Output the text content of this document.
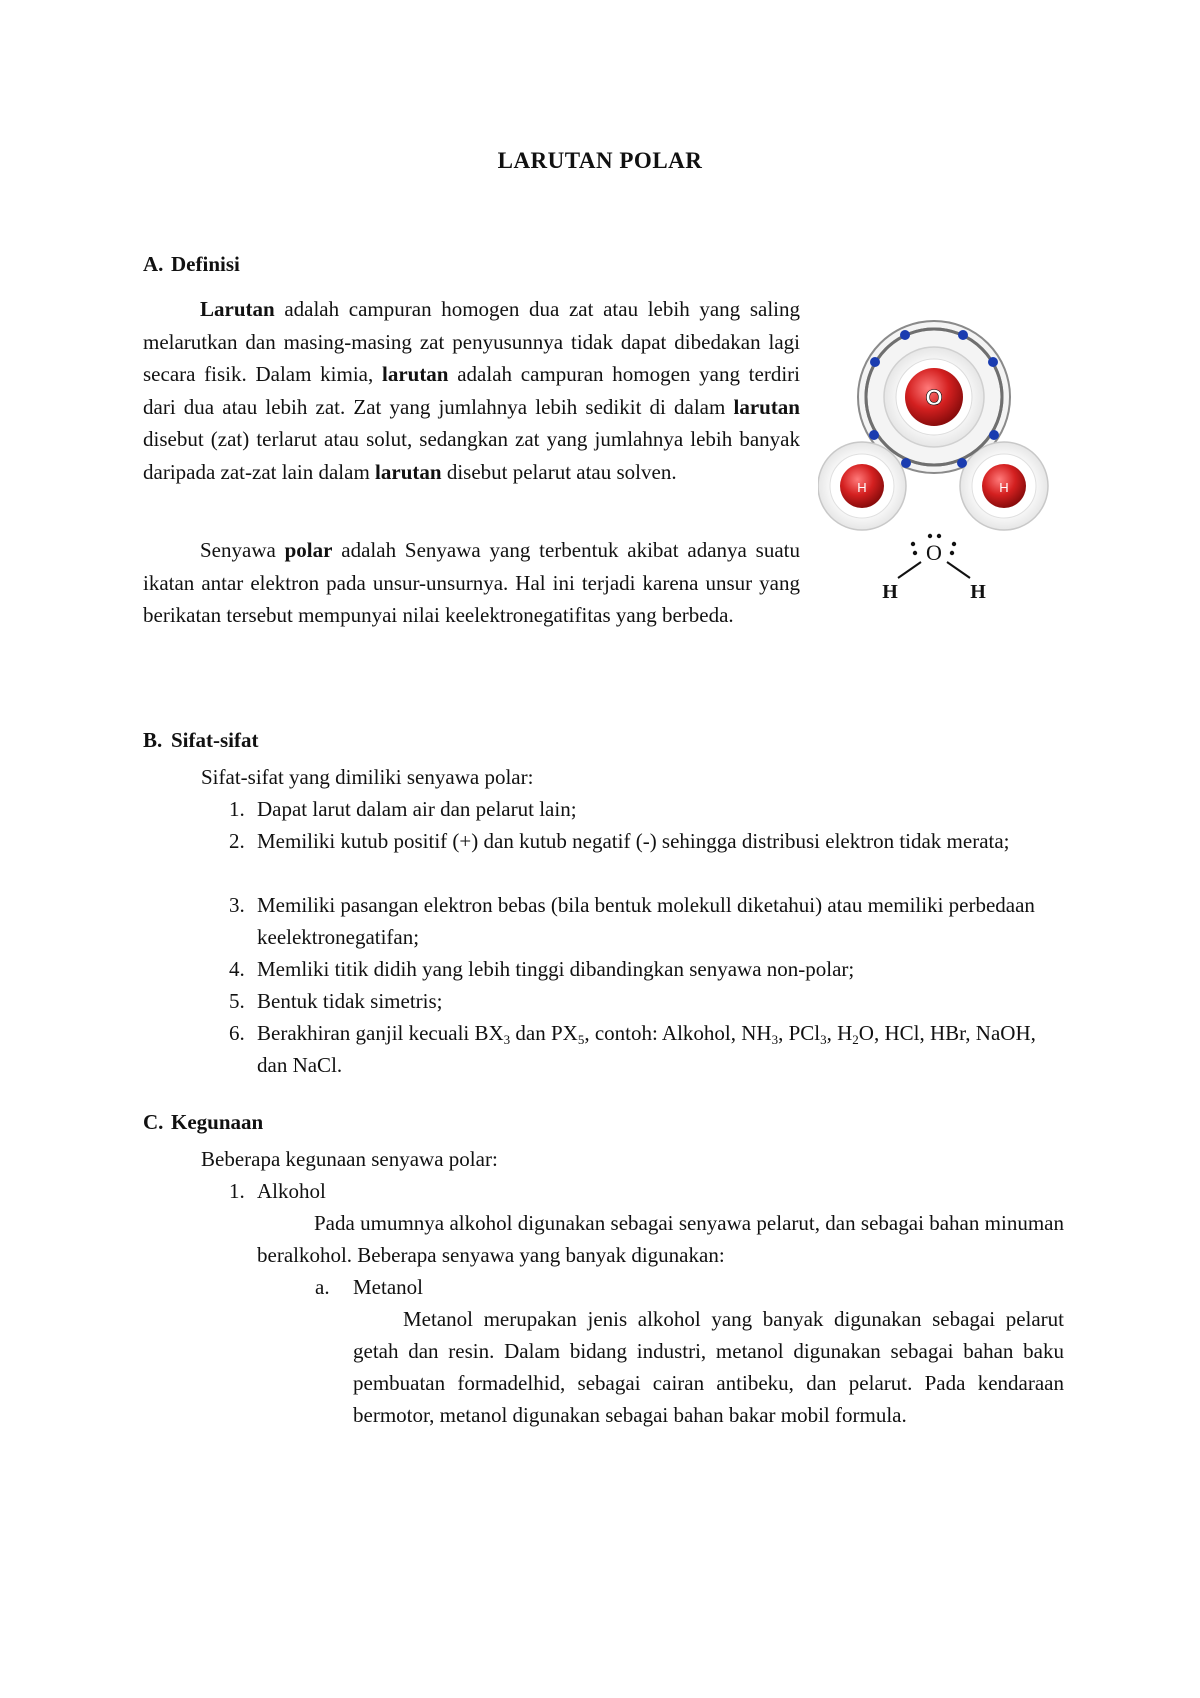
LARUTAN POLAR
A. Definisi

Larutan adalah campuran homogen dua zat atau lebih yang saling melarutkan dan masing-masing zat penyusunnya tidak dapat dibedakan lagi secara fisik. Dalam kimia, larutan adalah campuran homogen yang terdiri dari dua atau lebih zat. Zat yang jumlahnya lebih sedikit di dalam larutan disebut (zat) terlarut atau solut, sedangkan zat yang jumlahnya lebih banyak daripada zat-zat lain dalam larutan disebut pelarut atau solven.

Senyawa polar adalah Senyawa yang terbentuk akibat adanya suatu ikatan antar elektron pada unsur-unsurnya. Hal ini terjadi karena unsur yang berikatan tersebut mempunyai nilai keelektronegatifitas yang berbeda.

O
H	H
O
H	H
B. Sifat-sifat
Sifat-sifat yang dimiliki senyawa polar:
1. Dapat larut dalam air dan pelarut lain;
2. Memiliki kutub positif (+) dan kutub negatif (-) sehingga distribusi elektron tidak merata;
3. Memiliki pasangan elektron bebas (bila bentuk molekull diketahui) atau memiliki perbedaan keelektronegatifan;
4. Memliki titik didih yang lebih tinggi dibandingkan senyawa non-polar;
5. Bentuk tidak simetris;
6. Berakhiran ganjil kecuali $BX_3$ dan $PX_5$, contoh: Alkohol, $NH_3$, PCl$_3$, $H_2O$, HCl, HBr, NaOH, dan NaCl.
C. Kegunaan
Beberapa kegunaan senyawa polar:
1. Alkohol

Pada umumnya alkohol digunakan sebagai senyawa pelarut, dan sebagai bahan minuman beralkohol. Beberapa senyawa yang banyak digunakan:

a. Metanol

Metanol merupakan jenis alkohol yang banyak digunakan sebagai pelarut getah dan resin. Dalam bidang industri, metanol digunakan sebagai bahan baku pembuatan formadelhid, sebagai cairan antibeku, dan pelarut. Pada kendaraan bermotor, metanol digunakan sebagai bahan bakar mobil formula.
